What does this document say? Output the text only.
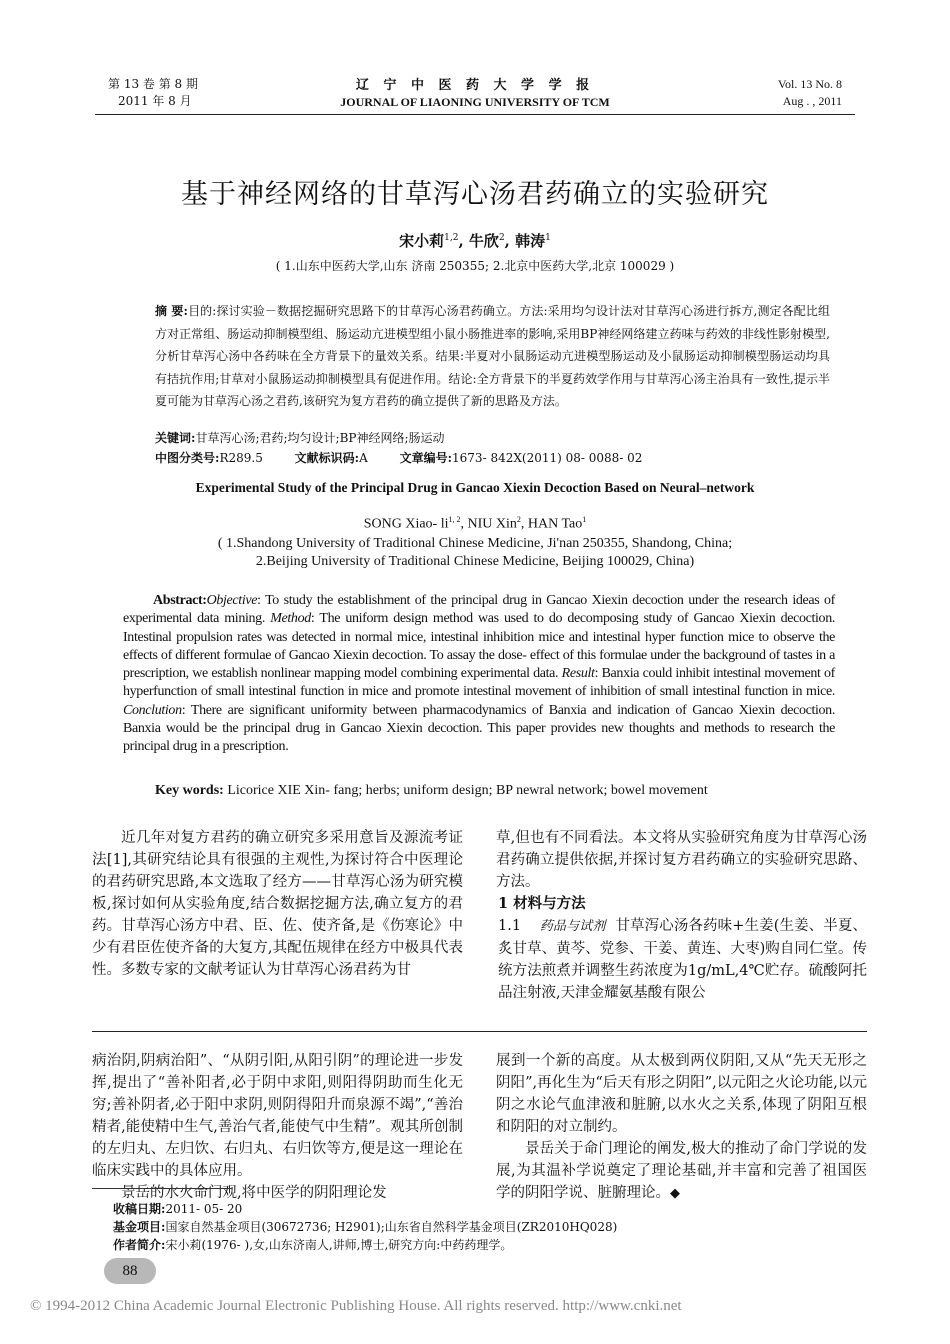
第 13 卷 第 8 期
2011 年 8 月
辽 宁 中 医 药 大 学 学 报
JOURNAL OF LIAONING UNIVERSITY OF TCM
Vol. 13 No. 8
Aug . , 2011
基于神经网络的甘草泻心汤君药确立的实验研究
宋小莉$^{1,2}$, 牛欣$^2$, 韩涛$^1$
( 1.山东中医药大学,山东 济南 250355; 2.北京中医药大学,北京 100029 )
摘 要:目的:探讨实验－数据挖掘研究思路下的甘草泻心汤君药确立。方法:采用均匀设计法对甘草泻心汤进行拆方,测定各配比组方对正常组、肠运动抑制模型组、肠运动亢进模型组小鼠小肠推进率的影响,采用BP神经网络建立药味与药效的非线性影射模型,分析甘草泻心汤中各药味在全方背景下的量效关系。结果:半夏对小鼠肠运动亢进模型肠运动及小鼠肠运动抑制模型肠运动均具有拮抗作用;甘草对小鼠肠运动抑制模型具有促进作用。结论:全方背景下的半夏药效学作用与甘草泻心汤主治具有一致性,提示半夏可能为甘草泻心汤之君药,该研究为复方君药的确立提供了新的思路及方法。
关键词:甘草泻心汤;君药;均匀设计;BP神经网络;肠运动
中图分类号:R289.5	文献标识码:A	文章编号:1673- 842X(2011) 08- 0088- 02
Experimental Study of the Principal Drug in Gancao Xiexin Decoction Based on Neural–network
SONG Xiao- li$^{1, 2}$, NIU Xin$^2$, HAN Tao$^1$
( 1.Shandong University of Traditional Chinese Medicine, Ji'nan 250355, Shandong, China;
2.Beijing University of Traditional Chinese Medicine, Beijing 100029, China)
Abstract:Objective: To study the establishment of the principal drug in Gancao Xiexin decoction under the research ideas of experimental data mining. Method: The uniform design method was used to do decomposing study of Gancao Xiexin decoction. Intestinal propulsion rates was detected in normal mice, intestinal inhibition mice and intestinal hyper function mice to observe the effects of different formulae of Gancao Xiexin decoction. To assay the dose- effect of this formulae under the background of tastes in a prescription, we establish nonlinear mapping model combining experimental data. Result: Banxia could inhibit intestinal movement of hyperfunction of small intestinal function in mice and promote intestinal movement of inhibition of small intestinal function in mice. Conclution: There are significant uniformity between pharmacodynamics of Banxia and indication of Gancao Xiexin decoction. Banxia would be the principal drug in Gancao Xiexin decoction. This paper provides new thoughts and methods to research the principal drug in a prescription.
Key words: Licorice XIE Xin- fang; herbs; uniform design; BP newral network; bowel movement
近几年对复方君药的确立研究多采用意旨及源流考证法[1],其研究结论具有很强的主观性,为探讨符合中医理论的君药研究思路,本文选取了经方——甘草泻心汤为研究模板,探讨如何从实验角度,结合数据挖掘方法,确立复方的君药。甘草泻心汤方中君、臣、佐、使齐备,是《伤寒论》中少有君臣佐使齐备的大复方,其配伍规律在经方中极具代表性。多数专家的文献考证认为甘草泻心汤君药为甘
草,但也有不同看法。本文将从实验研究角度为甘草泻心汤君药确立提供依据,并探讨复方君药确立的实验研究思路、方法。
1 材料与方法
1.1 药品与试剂 甘草泻心汤各药味+生姜(生姜、半夏、炙甘草、黄芩、党参、干姜、黄连、大枣)购自同仁堂。传统方法煎煮并调整生药浓度为1g/mL,4℃贮存。硫酸阿托品注射液,天津金耀氨基酸有限公
病治阴,阴病治阳”、“从阴引阳,从阳引阴”的理论进一步发挥,提出了“善补阳者,必于阴中求阳,则阳得阴助而生化无穷;善补阴者,必于阳中求阴,则阴得阳升而泉源不竭”,“善治精者,能使精中生气,善治气者,能使气中生精”。观其所创制的左归丸、左归饮、右归丸、右归饮等方,便是这一理论在临床实践中的具体应用。
景岳的水火命门观,将中医学的阴阳理论发
展到一个新的高度。从太极到两仪阴阳,又从“先天无形之阴阳”,再化生为“后天有形之阴阳”,以元阳之火论功能,以元阴之水论气血津液和脏腑,以水火之关系,体现了阴阳互根和阴阳的对立制约。
景岳关于命门理论的阐发,极大的推动了命门学说的发展,为其温补学说奠定了理论基础,并丰富和完善了祖国医学的阴阳学说、脏腑理论。◆
收稿日期:2011- 05- 20
基金项目:国家自然基金项目(30672736; H2901);山东省自然科学基金项目(ZR2010HQ028)
作者简介:宋小莉(1976- ),女,山东济南人,讲师,博士,研究方向:中药药理学。
88
© 1994-2012 China Academic Journal Electronic Publishing House. All rights reserved. http://www.cnki.net
